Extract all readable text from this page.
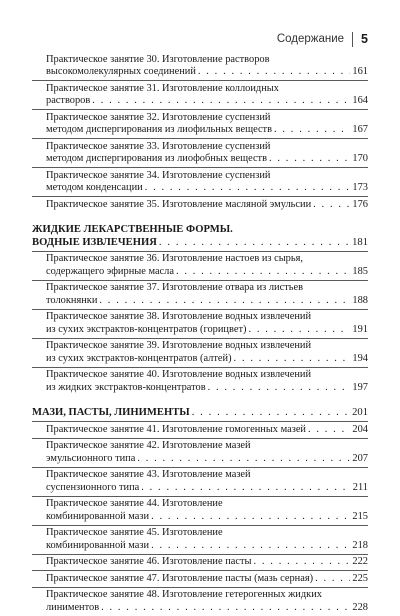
Содержание	5
Практическое занятие 30. Изготовление растворов
высокомолекулярных соединений . . .	161
Практическое занятие 31. Изготовление коллоидных
растворов . . .	164
Практическое занятие 32. Изготовление суспензий
методом диспергирования из лиофильных веществ . . .	167
Практическое занятие 33. Изготовление суспензий
методом диспергирования из лиофобных веществ . . .	170
Практическое занятие 34. Изготовление суспензий
методом конденсации . . .	173
Практическое занятие 35. Изготовление масляной эмульсии . . .	176
ЖИДКИЕ ЛЕКАРСТВЕННЫЕ ФОРМЫ.
ВОДНЫЕ ИЗВЛЕЧЕНИЯ . . .	181
Практическое занятие 36. Изготовление настоев из сырья,
содержащего эфирные масла . . .	185
Практическое занятие 37. Изготовление отвара из листьев
толокнянки . . .	188
Практическое занятие 38. Изготовление водных извлечений
из сухих экстрактов-концентратов (горицвет) . . .	191
Практическое занятие 39. Изготовление водных извлечений
из сухих экстрактов-концентратов (алтей) . . .	194
Практическое занятие 40. Изготовление водных извлечений
из жидких экстрактов-концентратов . . .	197
МАЗИ, ПАСТЫ, ЛИНИМЕНТЫ . . .	201
Практическое занятие 41. Изготовление гомогенных мазей . . .	204
Практическое занятие 42. Изготовление мазей
эмульсионного типа . . .	207
Практическое занятие 43. Изготовление мазей
суспензионного типа . . .	211
Практическое занятие 44. Изготовление
комбинированной мази . . .	215
Практическое занятие 45. Изготовление
комбинированной мази . . .	218
Практическое занятие 46. Изготовление пасты . . .	222
Практическое занятие 47. Изготовление пасты (мазь серная) . . .	225
Практическое занятие 48. Изготовление гетерогенных жидких
линиментов . . .	228
